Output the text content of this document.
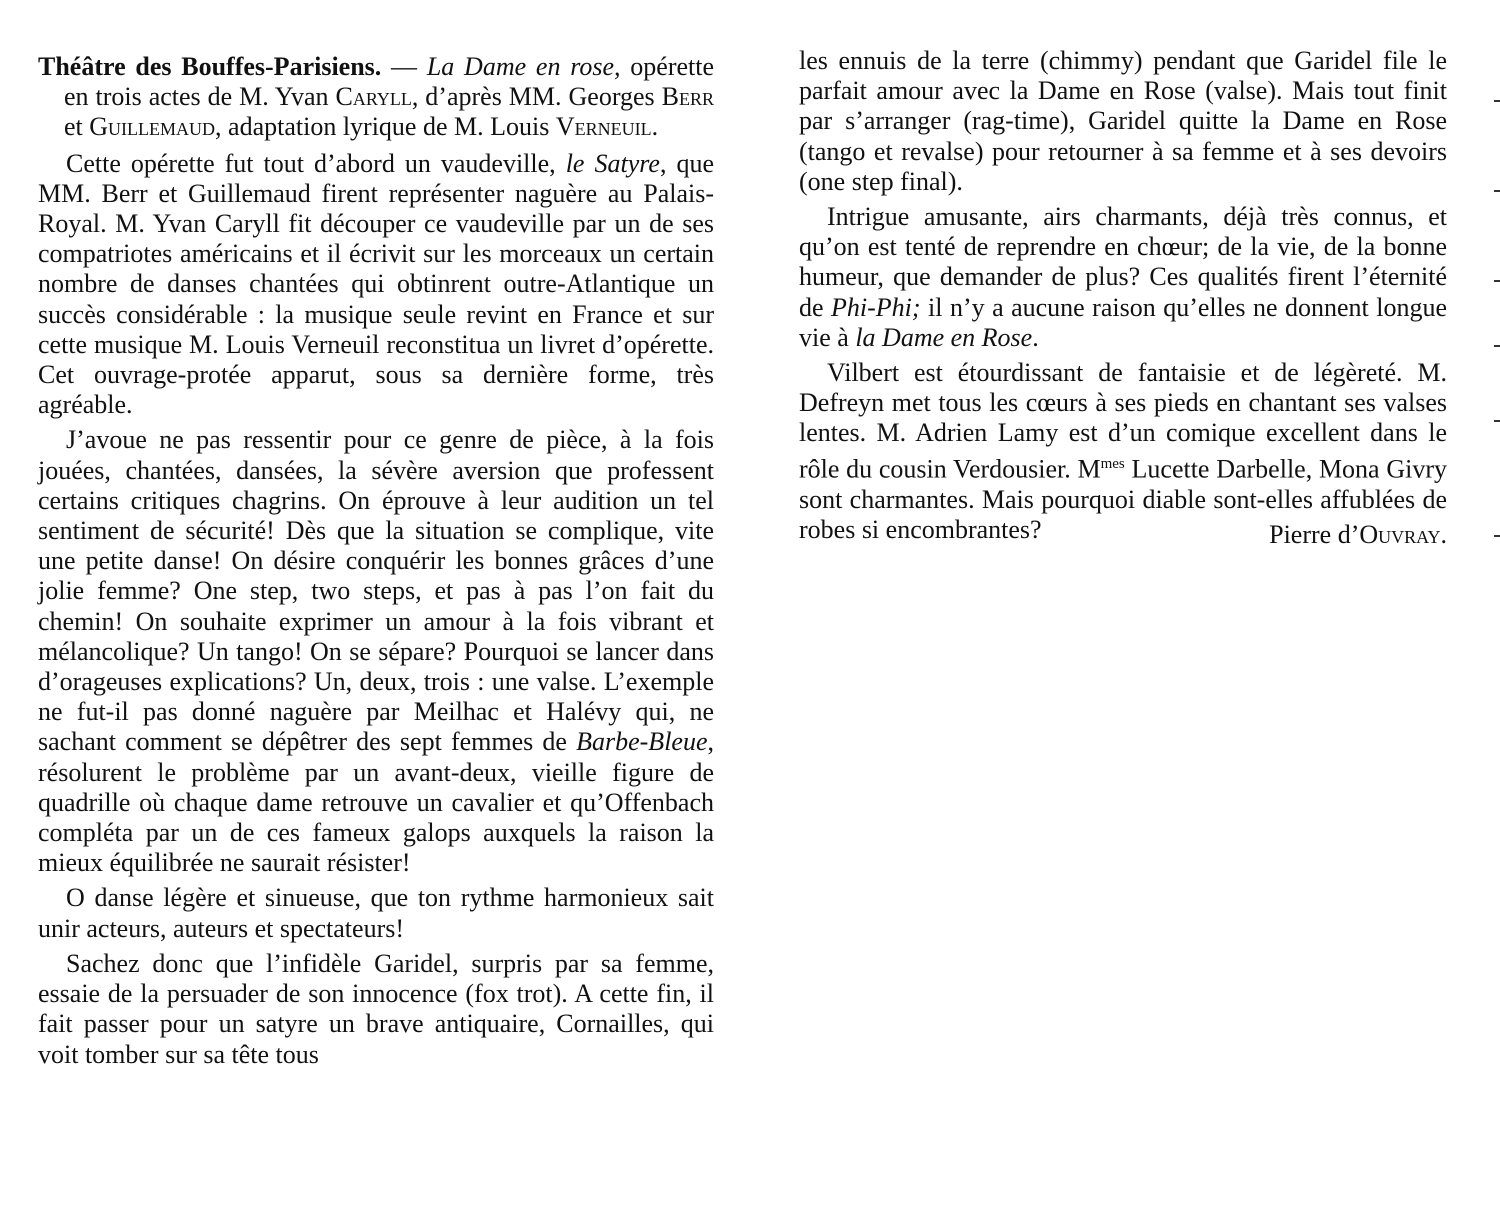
Théâtre des Bouffes-Parisiens. — La Dame en rose, opérette en trois actes de M. Yvan Caryll, d’après MM. Georges Berr et Guillemaud, adaptation lyrique de M. Louis Verneuil.

Cette opérette fut tout d’abord un vaudeville, le Satyre, que MM. Berr et Guillemaud firent représenter naguère au Palais-Royal. M. Yvan Caryll fit découper ce vaudeville par un de ses compatriotes américains et il écrivit sur les morceaux un certain nombre de danses chantées qui obtinrent outre-Atlantique un succès considérable : la musique seule revint en France et sur cette musique M. Louis Verneuil reconstitua un livret d’opérette. Cet ouvrage-protée apparut, sous sa dernière forme, très agréable.

J’avoue ne pas ressentir pour ce genre de pièce, à la fois jouées, chantées, dansées, la sévère aversion que professent certains critiques chagrins. On éprouve à leur audition un tel sentiment de sécurité! Dès que la situation se complique, vite une petite danse! On désire conquérir les bonnes grâces d’une jolie femme? One step, two steps, et pas à pas l’on fait du chemin! On souhaite exprimer un amour à la fois vibrant et mélancolique? Un tango! On se sépare? Pourquoi se lancer dans d’orageuses explications? Un, deux, trois : une valse. L’exemple ne fut-il pas donné naguère par Meilhac et Halévy qui, ne sachant comment se dépêtrer des sept femmes de Barbe-Bleue, résolurent le problème par un avant-deux, vieille figure de quadrille où chaque dame retrouve un cavalier et qu’Offenbach compléta par un de ces fameux galops auxquels la raison la mieux équilibrée ne saurait résister!

O danse légère et sinueuse, que ton rythme harmonieux sait unir acteurs, auteurs et spectateurs!

Sachez donc que l’infidèle Garidel, surpris par sa femme, essaie de la persuader de son innocence (fox trot). A cette fin, il fait passer pour un satyre un brave antiquaire, Cornailles, qui voit tomber sur sa tête tous

les ennuis de la terre (chimmy) pendant que Garidel file le parfait amour avec la Dame en Rose (valse). Mais tout finit par s’arranger (rag-time), Garidel quitte la Dame en Rose (tango et revalse) pour retourner à sa femme et à ses devoirs (one step final).

Intrigue amusante, airs charmants, déjà très connus, et qu’on est tenté de reprendre en chœur; de la vie, de la bonne humeur, que demander de plus? Ces qualités firent l’éternité de Phi-Phi; il n’y a aucune raison qu’elles ne donnent longue vie à la Dame en Rose.

Vilbert est étourdissant de fantaisie et de légèreté. M. Defreyn met tous les cœurs à ses pieds en chantant ses valses lentes. M. Adrien Lamy est d’un comique excellent dans le rôle du cousin Verdousier. $M^{mes}$ Lucette Darbelle, Mona Givry sont charmantes. Mais pourquoi diable sont-elles affublées de robes si encombrantes?	Pierre d’Ouvray.
